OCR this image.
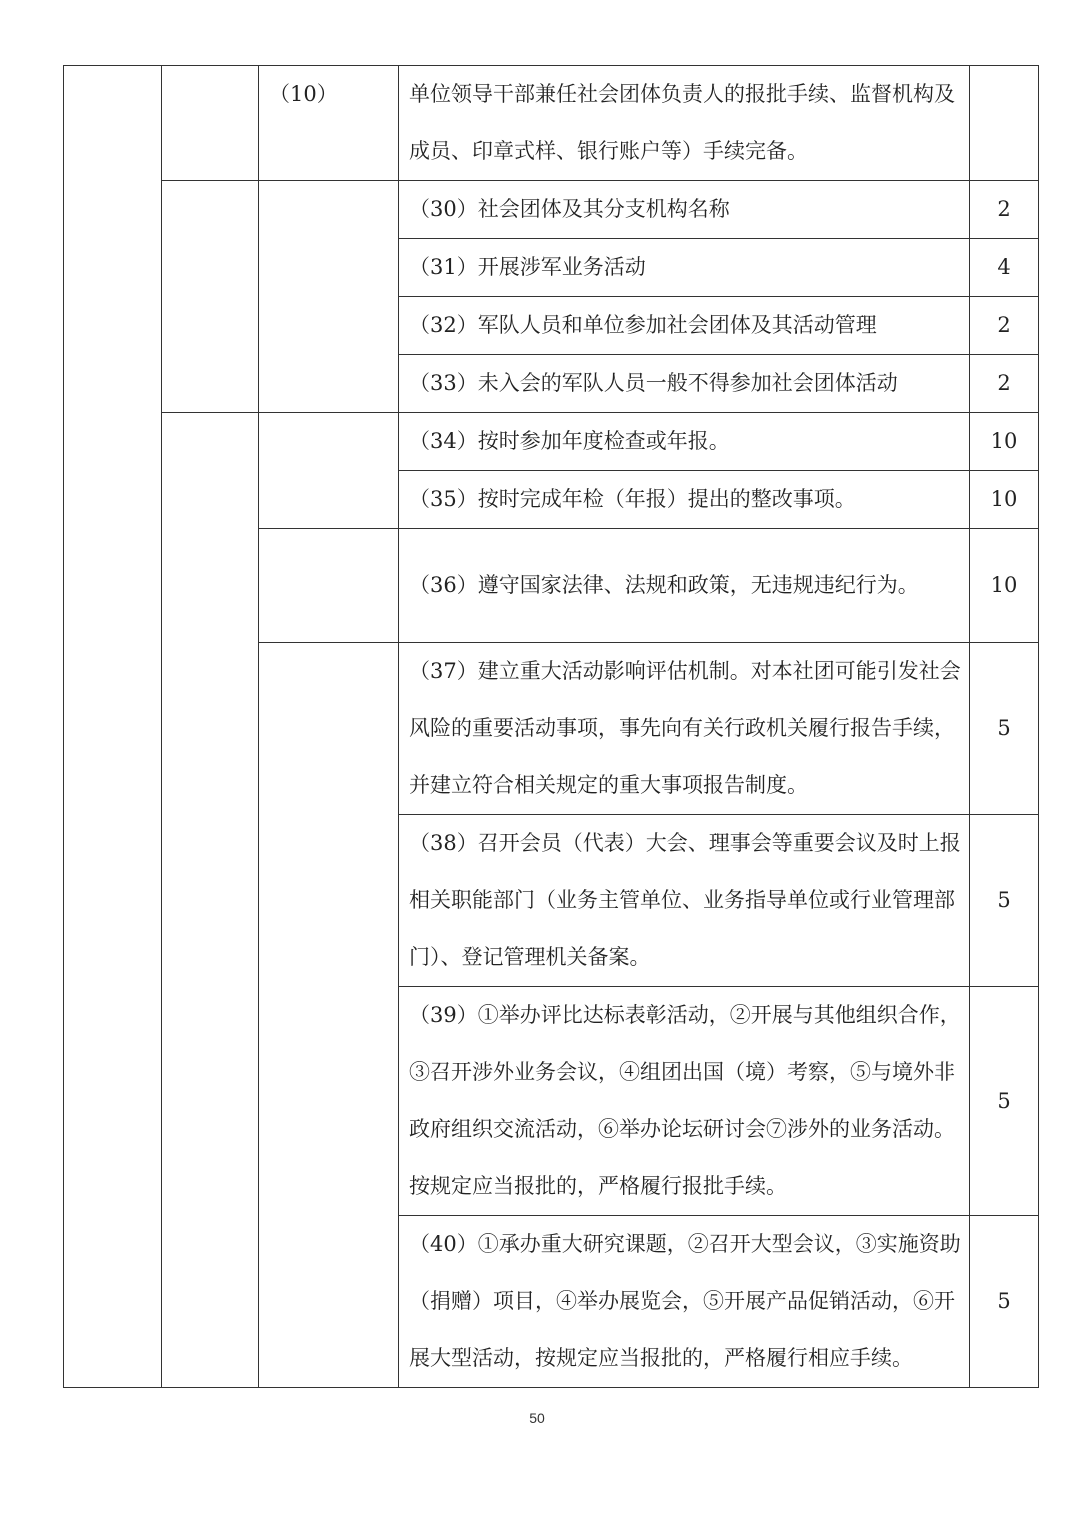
		（10）	单位领导干部兼任社会团体负责人的报批手续、监督机构及成员、印章式样、银行账户等）手续完备。	
			（30）社会团体及其分支机构名称	2
			（31）开展涉军业务活动	4
			（32）军队人员和单位参加社会团体及其活动管理	2
			（33）未入会的军队人员一般不得参加社会团体活动	2
			（34）按时参加年度检查或年报。	10
			（35）按时完成年检（年报）提出的整改事项。	10
			（36）遵守国家法律、法规和政策，无违规违纪行为。	10
			（37）建立重大活动影响评估机制。对本社团可能引发社会风险的重要活动事项，事先向有关行政机关履行报告手续，并建立符合相关规定的重大事项报告制度。	5
			（38）召开会员（代表）大会、理事会等重要会议及时上报相关职能部门（业务主管单位、业务指导单位或行业管理部门）、登记管理机关备案。	5
			（39）①举办评比达标表彰活动，②开展与其他组织合作，③召开涉外业务会议，④组团出国（境）考察，⑤与境外非政府组织交流活动，⑥举办论坛研讨会⑦涉外的业务活动。按规定应当报批的，严格履行报批手续。	5
			（40）①承办重大研究课题，②召开大型会议，③实施资助（捐赠）项目，④举办展览会，⑤开展产品促销活动，⑥开展大型活动，按规定应当报批的，严格履行相应手续。	5
50
